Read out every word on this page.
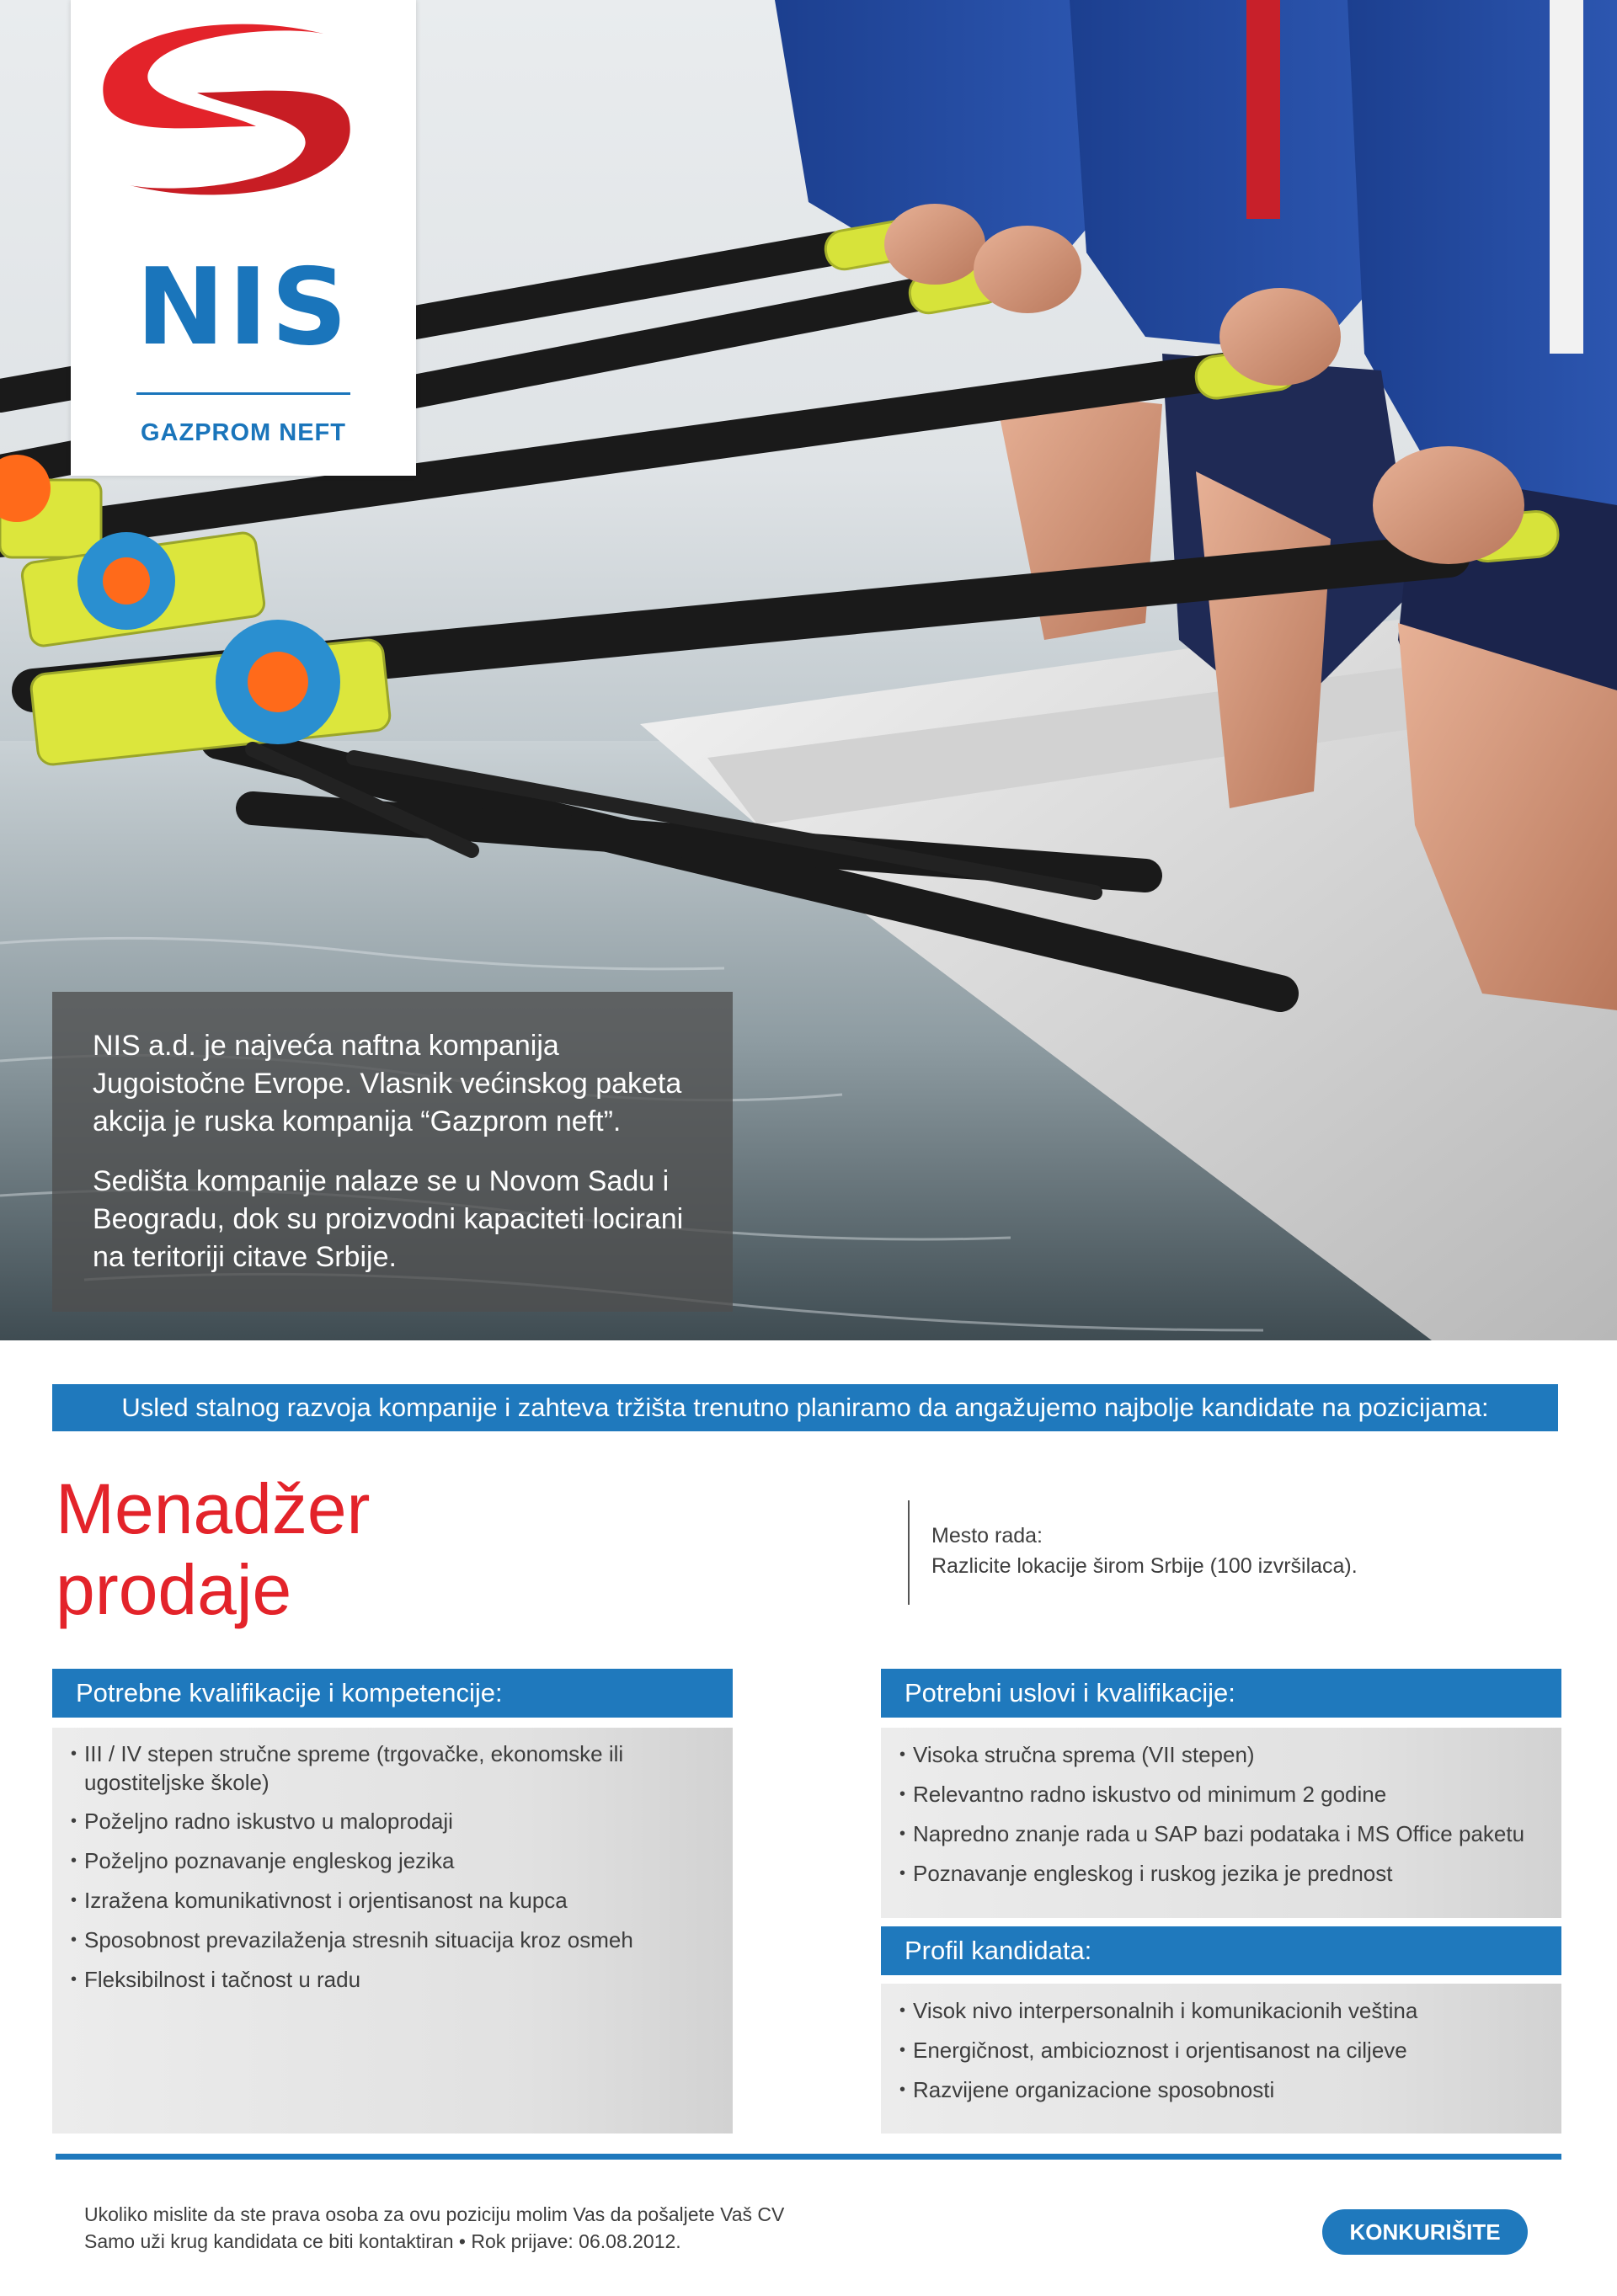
NIS
GAZPROM NEFT

NIS a.d. je najveća naftna kompanija Jugoistočne Evrope. Vlasnik većinskog paketa akcija je ruska kompanija “Gazprom neft”.

Sedišta kompanije nalaze se u Novom Sadu i Beogradu, dok su proizvodni kapaciteti locirani na teritoriji citave Srbije.

Usled stalnog razvoja kompanije i zahteva tržišta trenutno planiramo da angažujemo najbolje kandidate na pozicijama:
Menadžer
prodaje
Mesto rada:
Razlicite lokacije širom Srbije (100 izvršilaca).
Potrebne kvalifikacije i kompetencije:
• III / IV stepen stručne spreme (trgovačke, ekonomske ili ugostiteljske škole)
• Poželjno radno iskustvo u maloprodaji
• Poželjno poznavanje engleskog jezika
• Izražena komunikativnost i orjentisanost na kupca
• Sposobnost prevazilaženja stresnih situacija kroz osmeh
• Fleksibilnost i tačnost u radu
Potrebni uslovi i kvalifikacije:
• Visoka stručna sprema (VII stepen)
• Relevantno radno iskustvo od minimum 2 godine
• Napredno znanje rada u SAP bazi podataka i MS Office paketu
• Poznavanje engleskog i ruskog jezika je prednost
Profil kandidata:
• Visok nivo interpersonalnih i komunikacionih veština
• Energičnost, ambicioznost i orjentisanost na ciljeve
• Razvijene organizacione sposobnosti
Ukoliko mislite da ste prava osoba za ovu poziciju molim Vas da pošaljete Vaš CV
Samo uži krug kandidata ce biti kontaktiran • Rok prijave: 06.08.2012.	KONKURIŠITE
